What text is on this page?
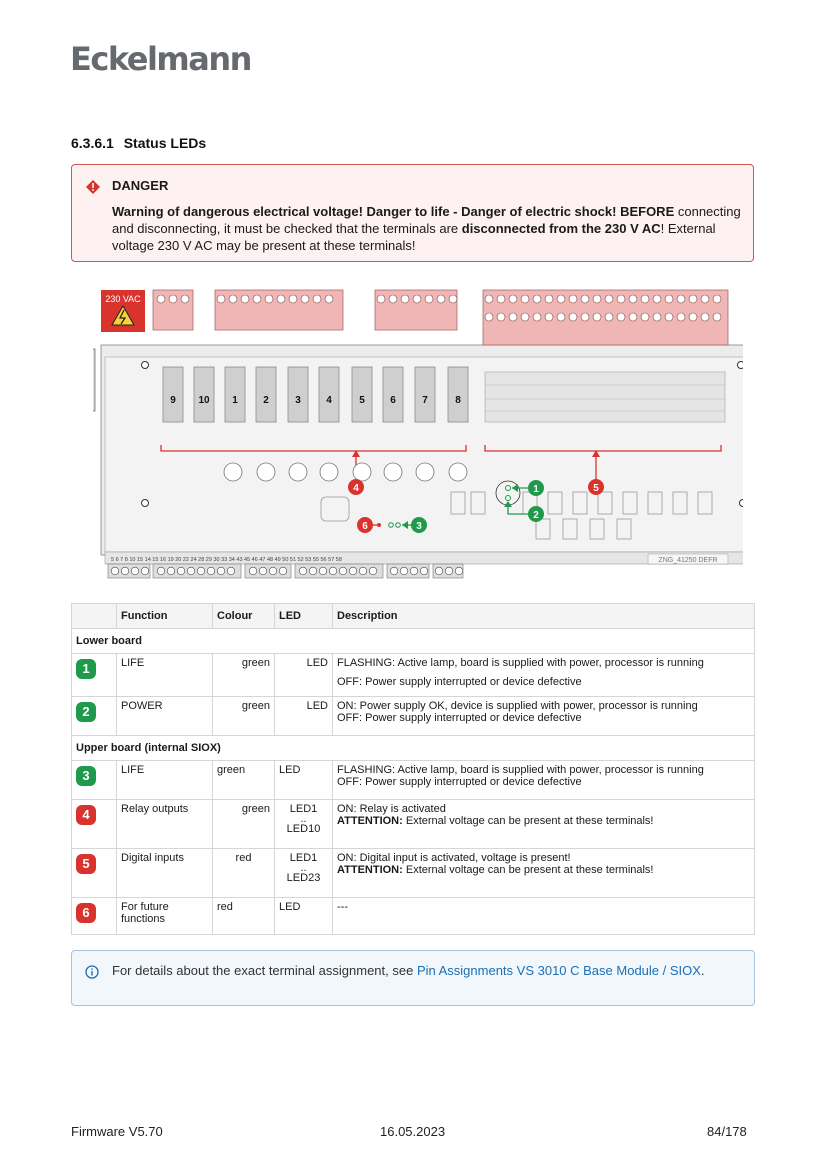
Eckelmann
6.3.6.1 Status LEDs
DANGER
Warning of dangerous electrical voltage! Danger to life - Danger of electric shock! BEFORE connecting and disconnecting, it must be checked that the terminals are disconnected from the 230 V AC! External voltage 230 V AC may be present at these terminals!
230 VAC
9 10 1	2	3	4	5	6	7	8
1
2
3
4	5
6
5 6 7 8 10 15 14 15 16 19 20 22 24 28 29 30 33 34 43 45 46 47 48 49 50 51 52 53 55 56 57 58	ZNG_41250 DEFR
	Function	Colour	LED	Description
Lower board				
1	LIFE	green	LED	FLASHING: Active lamp, board is supplied with power, processor is running
OFF: Power supply interrupted or device defective

2	POWER	green	LED	ON: Power supply OK, device is supplied with power, processor is running
OFF: Power supply interrupted or device defective

Upper board (internal SIOX)				
3	LIFE	green	LED	FLASHING: Active lamp, board is supplied with power, processor is running
OFF: Power supply interrupted or device defective

4	Relay outputs	green	LED1
..
LED10	ON: Relay is activated
ATTENTION: External voltage can be present at these terminals!

5	Digital inputs	red	LED1
..
LED23	ON: Digital input is activated, voltage is present!
ATTENTION: External voltage can be present at these terminals!

6	For future
functions	red	LED	---
For details about the exact terminal assignment, see Pin Assignments VS 3010 C Base Module / SIOX.
Firmware V5.70	16.05.2023	84/178
